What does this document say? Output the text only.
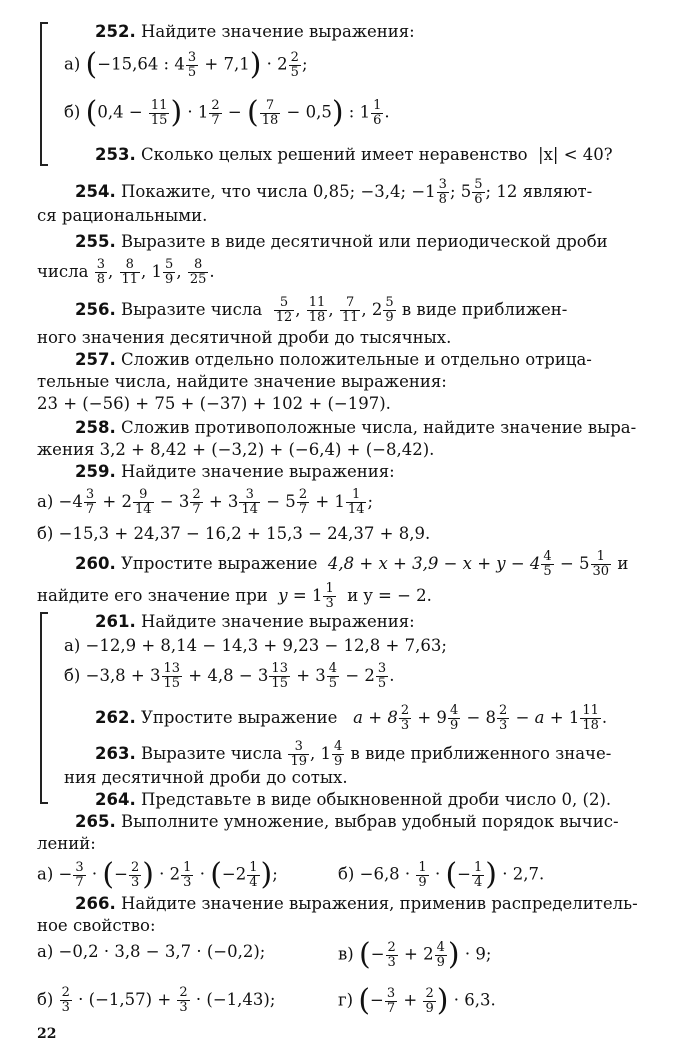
252. Найдите значение выражения:
а) (−15,64 : $4 \frac{3}{5} + 7,1) \cdot 2 \frac{2}{5}$ ;
б) ($0,4 - \frac{11}{15}$ ) · $1 \frac{2}{7}$ − ( $\frac{7}{18} - 0,5$) : $1 \frac{1}{6}$ .
253. Сколько целых решений имеет неравенство |x| < 40?
254. Покажите, что числа 0,85; −3,4; $-1 \frac{3}{8}$ ; $5 \frac{5}{6}$ ; 12 являют-
ся рациональными.
255. Выразите в виде десятичной или периодической дроби
числа $\frac{3}{8}$ , $\frac{8}{11}$ , $1 \frac{5}{9}$ , $\frac{8}{25}$ .
256. Выразите числа $\frac{5}{12}$ , $\frac{11}{18}$ , $\frac{7}{11}$ , $2 \frac{5}{9}$ в виде приближен-
ного значения десятичной дроби до тысячных.
257. Сложив отдельно положительные и отдельно отрица-
тельные числа, найдите значение выражения:
23 + (−56) + 75 + (−37) + 102 + (−197).
258. Сложив противоположные числа, найдите значение выра-
жения 3,2 + 8,42 + (−3,2) + (−6,4) + (−8,42).
259. Найдите значение выражения:
$а) -4 \frac{3}{7} + 2 \frac{9}{14} - 3 \frac{2}{7} + 3 \frac{3}{14} - 5 \frac{2}{7} + 1 \frac{1}{14}$ ;
б) −15,3 + 24,37 − 16,2 + 15,3 − 24,37 + 8,9.
260. Упростите выражение $4,8 + x + 3,9 - x + y - 4 \frac{4}{5} - 5 \frac{1}{30}$ и
найдите его значение при $y = 1 \frac{1}{3}$ и y = − 2.
261. Найдите значение выражения:
а) −12,9 + 8,14 − 14,3 + 9,23 − 12,8 + 7,63;
$б) -3,8 + 3 \frac{13}{15} + 4,8 - 3 \frac{13}{15} + 3 \frac{4}{5} - 2 \frac{3}{5}$ .
262. Упростите выражение $a + 8 \frac{2}{3} + 9 \frac{4}{9} - 8 \frac{2}{3} - a + 1 \frac{11}{18}$ .
263. Выразите числа $\frac{3}{19}$ , $1 \frac{4}{9}$ в виде приближенного значе-
ния десятичной дроби до сотых.
264. Представьте в виде обыкновенной дроби число 0, (2).
265. Выполните умножение, выбрав удобный порядок вычис-
лений:
$а) - \frac{3}{7}$ · (− $\frac{2}{3}$ ) · $2 \frac{1}{3} \cdot (-2 \frac{1}{4}$ );	$б) -6,8 \cdot \frac{1}{9}$ · (− $\frac{1}{4}$ ) · 2,7.
266. Найдите значение выражения, применив распределитель-
ное свойство:
а) −0,2 · 3,8 − 3,7 · (−0,2);	в) (− $\frac{2}{3} + 2 \frac{4}{9}$ ) · 9;
$б) \frac{2}{3} \cdot (-1,57) + \frac{2}{3} \cdot (-1,43)$;	г) (− $\frac{3}{7} + \frac{2}{9}$ ) · 6,3.
22
